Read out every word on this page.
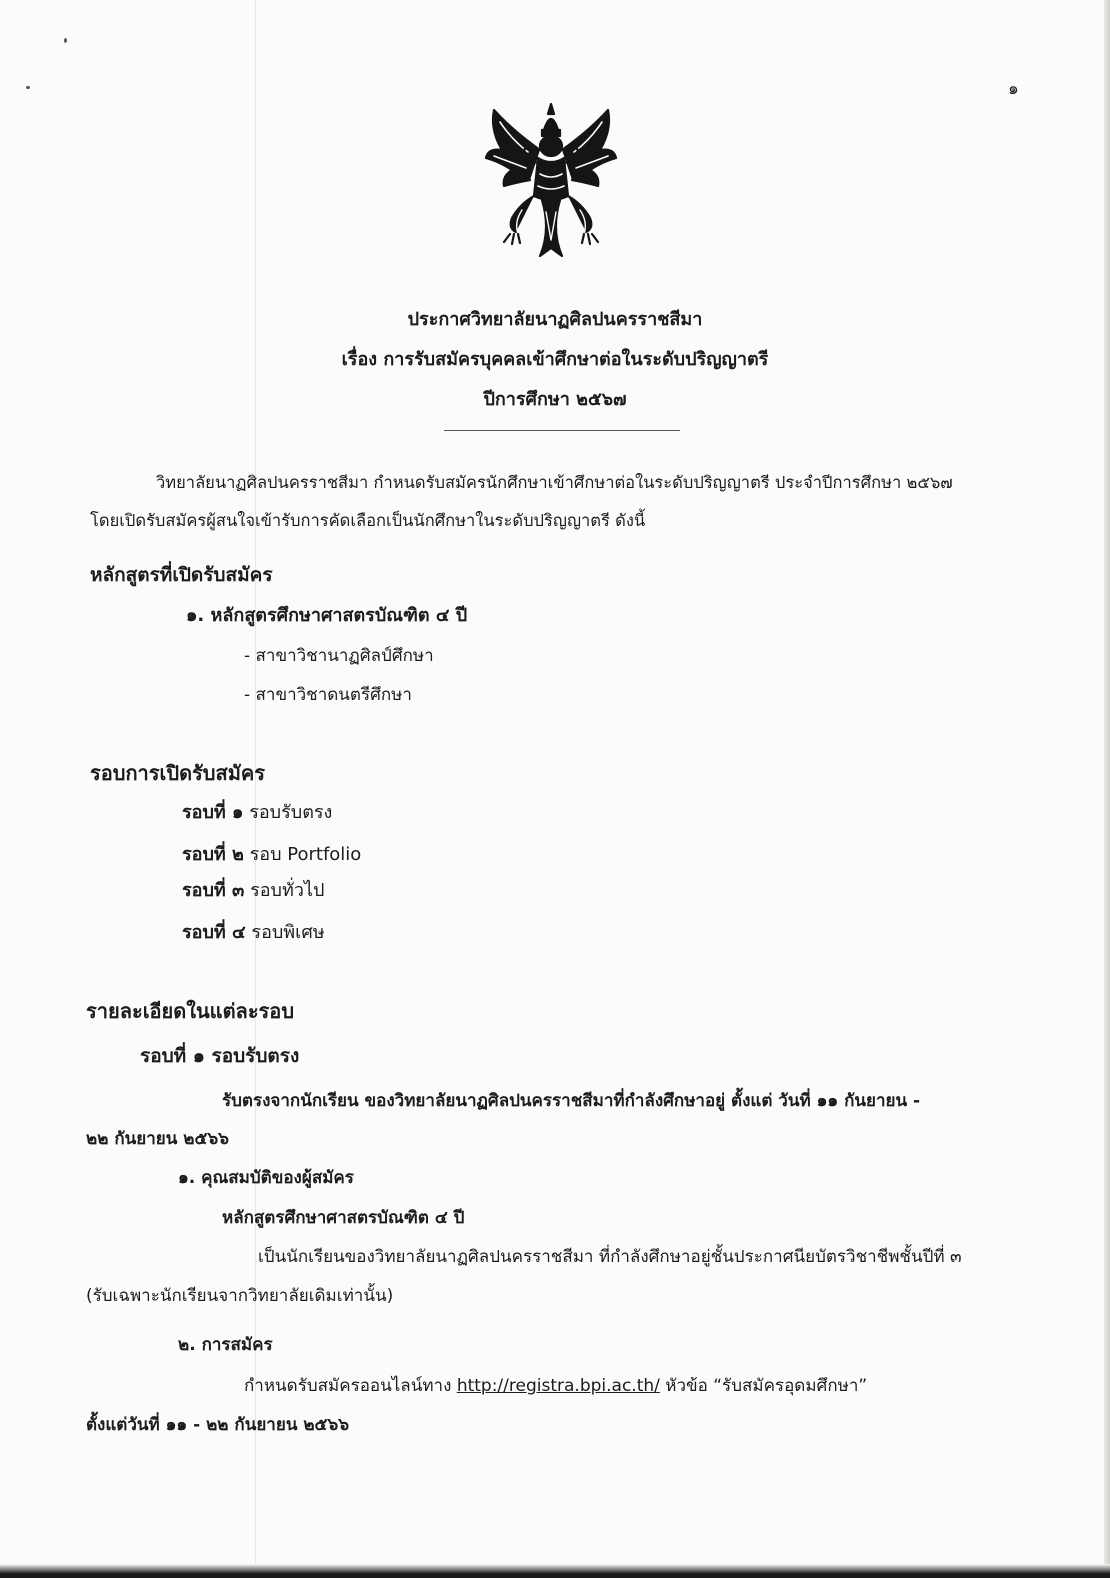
๑
ประกาศวิทยาลัยนาฏศิลปนครราชสีมา
เรื่อง การรับสมัครบุคคลเข้าศึกษาต่อในระดับปริญญาตรี
ปีการศึกษา ๒๕๖๗
วิทยาลัยนาฏศิลปนครราชสีมา กำหนดรับสมัครนักศึกษาเข้าศึกษาต่อในระดับปริญญาตรี ประจำปีการศึกษา ๒๕๖๗
โดยเปิดรับสมัครผู้สนใจเข้ารับการคัดเลือกเป็นนักศึกษาในระดับปริญญาตรี ดังนี้
หลักสูตรที่เปิดรับสมัคร
๑. หลักสูตรศึกษาศาสตรบัณฑิต ๔ ปี
- สาขาวิชานาฏศิลป์ศึกษา
- สาขาวิชาดนตรีศึกษา
รอบการเปิดรับสมัคร
รอบที่ ๑ รอบรับตรง
รอบที่ ๒ รอบ Portfolio
รอบที่ ๓ รอบทั่วไป
รอบที่ ๔ รอบพิเศษ
รายละเอียดในแต่ละรอบ
รอบที่ ๑ รอบรับตรง
รับตรงจากนักเรียน ของวิทยาลัยนาฏศิลปนครราชสีมาที่กำลังศึกษาอยู่ ตั้งแต่ วันที่ ๑๑ กันยายน -
๒๒ กันยายน ๒๕๖๖
๑. คุณสมบัติของผู้สมัคร
หลักสูตรศึกษาศาสตรบัณฑิต ๔ ปี
เป็นนักเรียนของวิทยาลัยนาฏศิลปนครราชสีมา ที่กำลังศึกษาอยู่ชั้นประกาศนียบัตรวิชาชีพชั้นปีที่ ๓
(รับเฉพาะนักเรียนจากวิทยาลัยเดิมเท่านั้น)
๒. การสมัคร
กำหนดรับสมัครออนไลน์ทาง http://registra.bpi.ac.th/ หัวข้อ “รับสมัครอุดมศึกษา”
ตั้งแต่วันที่ ๑๑ - ๒๒ กันยายน ๒๕๖๖
